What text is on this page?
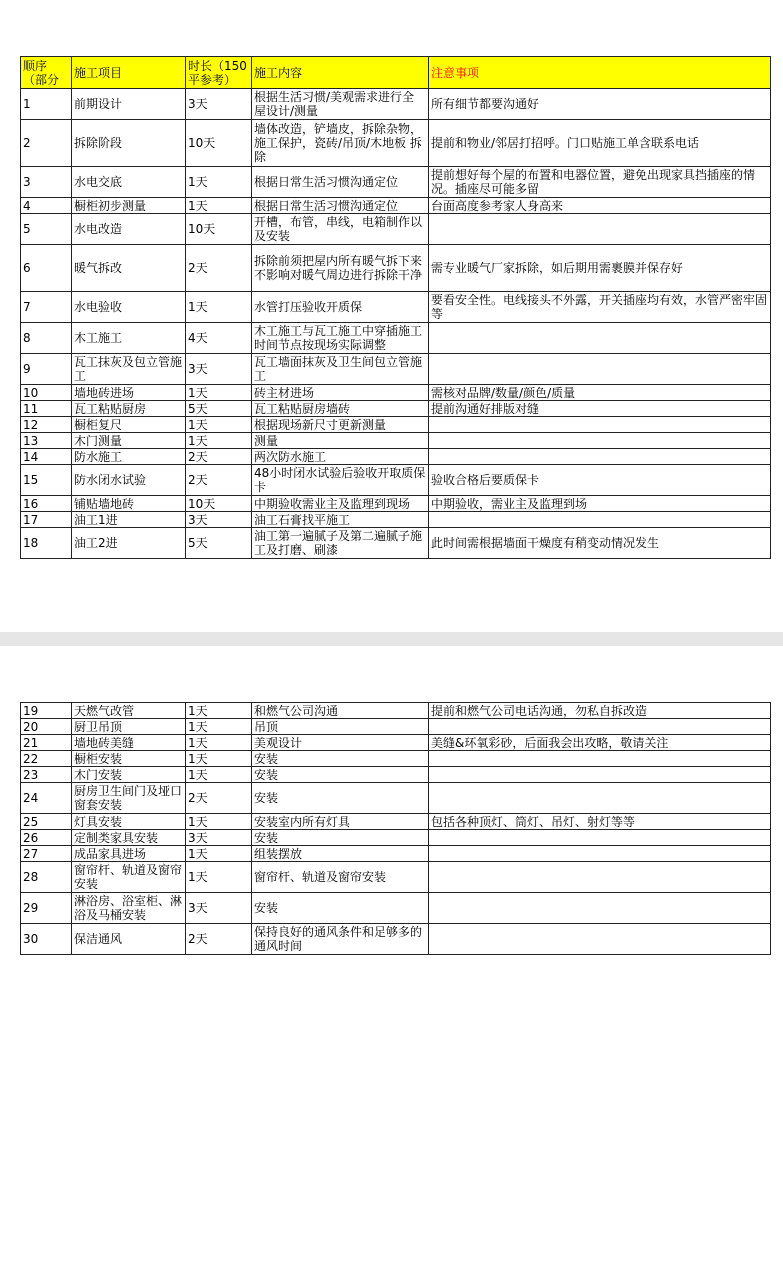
顺序（部分	施工项目	时长（150平参考）	施工内容	注意事项
1	前期设计	3天	根据生活习惯/美观需求进行全屋设计/测量	所有细节都要沟通好
2	拆除阶段	10天	墙体改造，铲墙皮，拆除杂物，施工保护，瓷砖/吊顶/木地板 拆除	提前和物业/邻居打招呼。门口贴施工单含联系电话
3	水电交底	1天	根据日常生活习惯沟通定位	提前想好每个屋的布置和电器位置，避免出现家具挡插座的情况。插座尽可能多留
4	橱柜初步测量	1天	根据日常生活习惯沟通定位	台面高度参考家人身高来
5	水电改造	10天	开槽，布管，串线，电箱制作以及安装	
6	暖气拆改	2天	拆除前须把屋内所有暖气拆下来不影响对暖气周边进行拆除干净	需专业暖气厂家拆除，如后期用需裹膜并保存好
7	水电验收	1天	水管打压验收开质保	要看安全性。电线接头不外露，开关插座均有效，水管严密牢固等
8	木工施工	4天	木工施工与瓦工施工中穿插施工时间节点按现场实际调整	
9	瓦工抹灰及包立管施工	3天	瓦工墙面抹灰及卫生间包立管施工	
10	墙地砖进场	1天	砖主材进场	需核对品牌/数量/颜色/质量
11	瓦工粘贴厨房	5天	瓦工粘贴厨房墙砖	提前沟通好排版对缝
12	橱柜复尺	1天	根据现场新尺寸更新测量	
13	木门测量	1天	测量	
14	防水施工	2天	两次防水施工	
15	防水闭水试验	2天	48小时闭水试验后验收开取质保卡	验收合格后要质保卡
16	铺贴墙地砖	10天	中期验收需业主及监理到现场	中期验收，需业主及监理到场
17	油工1进	3天	油工石膏找平施工	
18	油工2进	5天	油工第一遍腻子及第二遍腻子施工及打磨、刷漆	此时间需根据墙面干燥度有稍变动情况发生
19	天燃气改管	1天	和燃气公司沟通	提前和燃气公司电话沟通，勿私自拆改造
20	厨卫吊顶	1天	吊顶	
21	墙地砖美缝	1天	美观设计	美缝&环氧彩砂，后面我会出攻略，敬请关注
22	橱柜安装	1天	安装	
23	木门安装	1天	安装	
24	厨房卫生间门及垭口窗套安装	2天	安装	
25	灯具安装	1天	安装室内所有灯具	包括各种顶灯、筒灯、吊灯、射灯等等
26	定制类家具安装	3天	安装	
27	成品家具进场	1天	组装摆放	
28	窗帘杆、轨道及窗帘安装	1天	窗帘杆、轨道及窗帘安装	
29	淋浴房、浴室柜、淋浴及马桶安装	3天	安装	
30	保洁通风	2天	保持良好的通风条件和足够多的通风时间	
